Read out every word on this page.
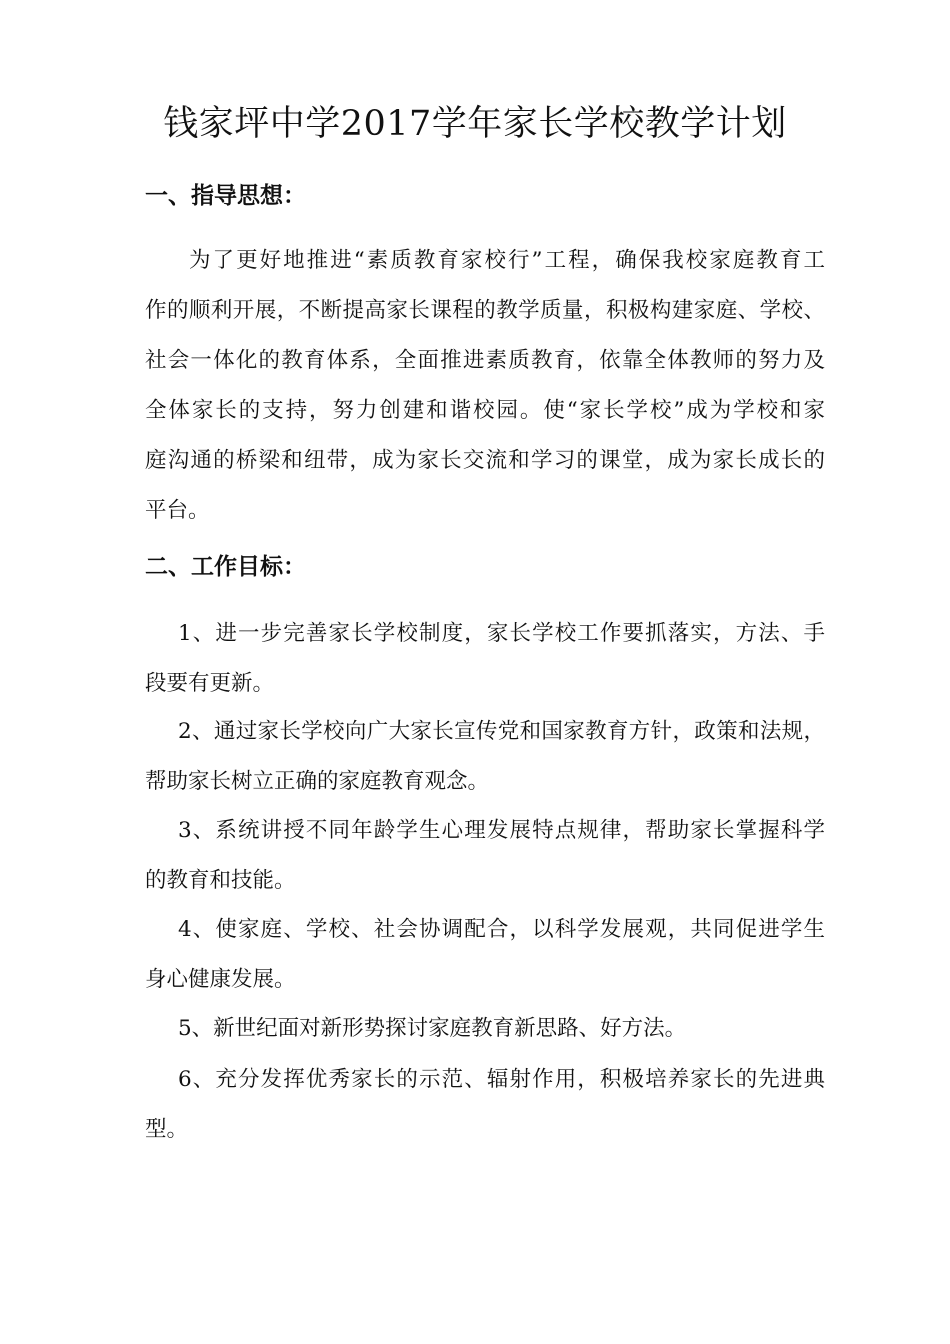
钱家坪中学2017学年家长学校教学计划
一、指导思想：
为了更好地推进“素质教育家校行”工程，确保我校家庭教育工
作的顺利开展，不断提高家长课程的教学质量，积极构建家庭、学校、
社会一体化的教育体系，全面推进素质教育，依靠全体教师的努力及
全体家长的支持，努力创建和谐校园。使“家长学校”成为学校和家
庭沟通的桥梁和纽带，成为家长交流和学习的课堂，成为家长成长的
平台。
二、工作目标：
1、进一步完善家长学校制度，家长学校工作要抓落实，方法、手
段要有更新。
2、通过家长学校向广大家长宣传党和国家教育方针，政策和法规，
帮助家长树立正确的家庭教育观念。
3、系统讲授不同年龄学生心理发展特点规律，帮助家长掌握科学
的教育和技能。
4、使家庭、学校、社会协调配合，以科学发展观，共同促进学生
身心健康发展。
5、新世纪面对新形势探讨家庭教育新思路、好方法。
6、充分发挥优秀家长的示范、辐射作用，积极培养家长的先进典
型。
